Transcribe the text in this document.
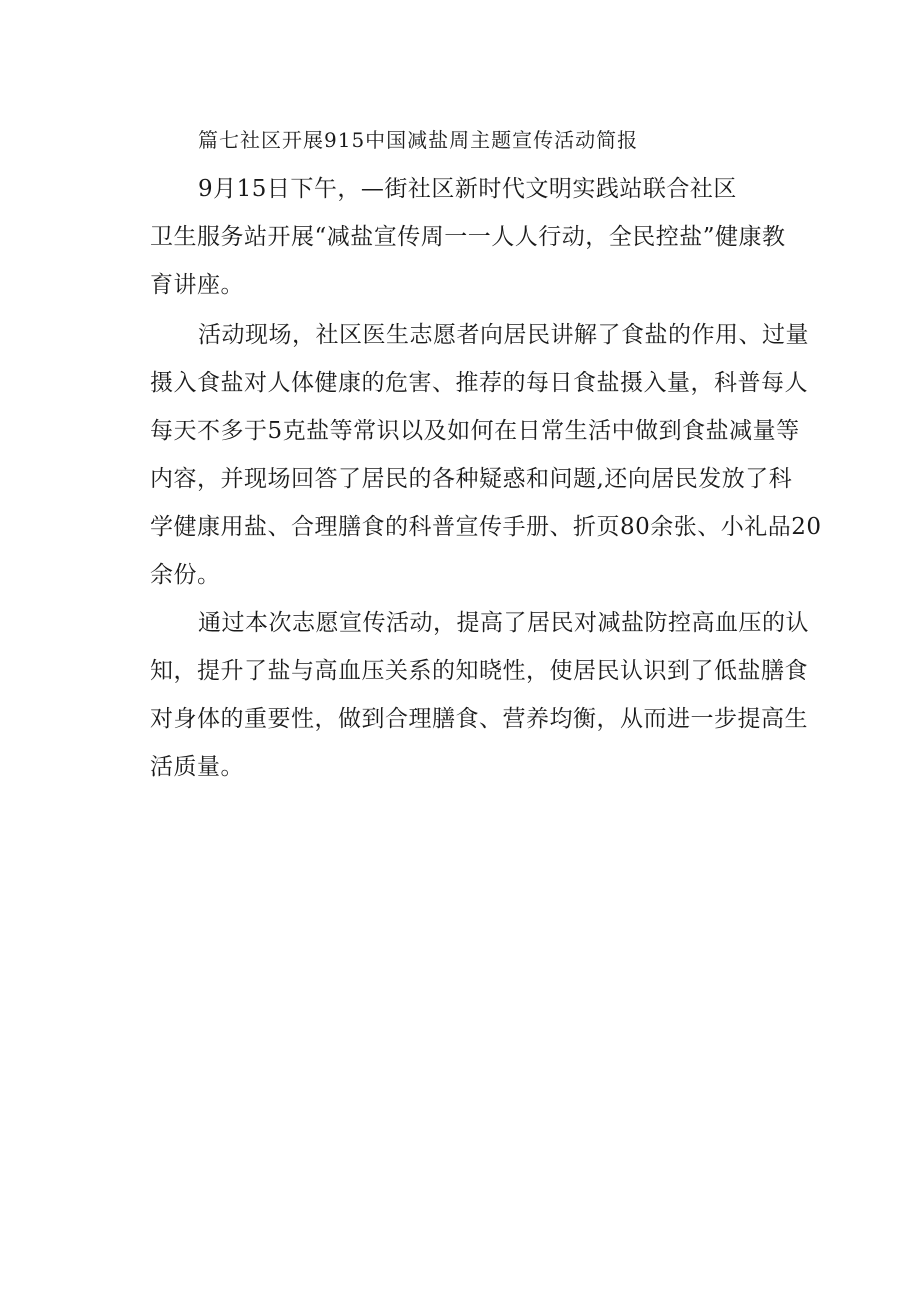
篇七社区开展915中国减盐周主题宣传活动简报

9月15日下午，—街社区新时代文明实践站联合社区

卫生服务站开展“减盐宣传周一一人人行动，全民控盐”健康教

育讲座。

活动现场，社区医生志愿者向居民讲解了食盐的作用、过量

摄入食盐对人体健康的危害、推荐的每日食盐摄入量，科普每人

每天不多于5克盐等常识以及如何在日常生活中做到食盐减量等

内容，并现场回答了居民的各种疑惑和问题,还向居民发放了科

学健康用盐、合理膳食的科普宣传手册、折页80余张、小礼品20

余份。

通过本次志愿宣传活动，提高了居民对减盐防控高血压的认

知，提升了盐与高血压关系的知晓性，使居民认识到了低盐膳食

对身体的重要性，做到合理膳食、营养均衡，从而进一步提高生

活质量。
